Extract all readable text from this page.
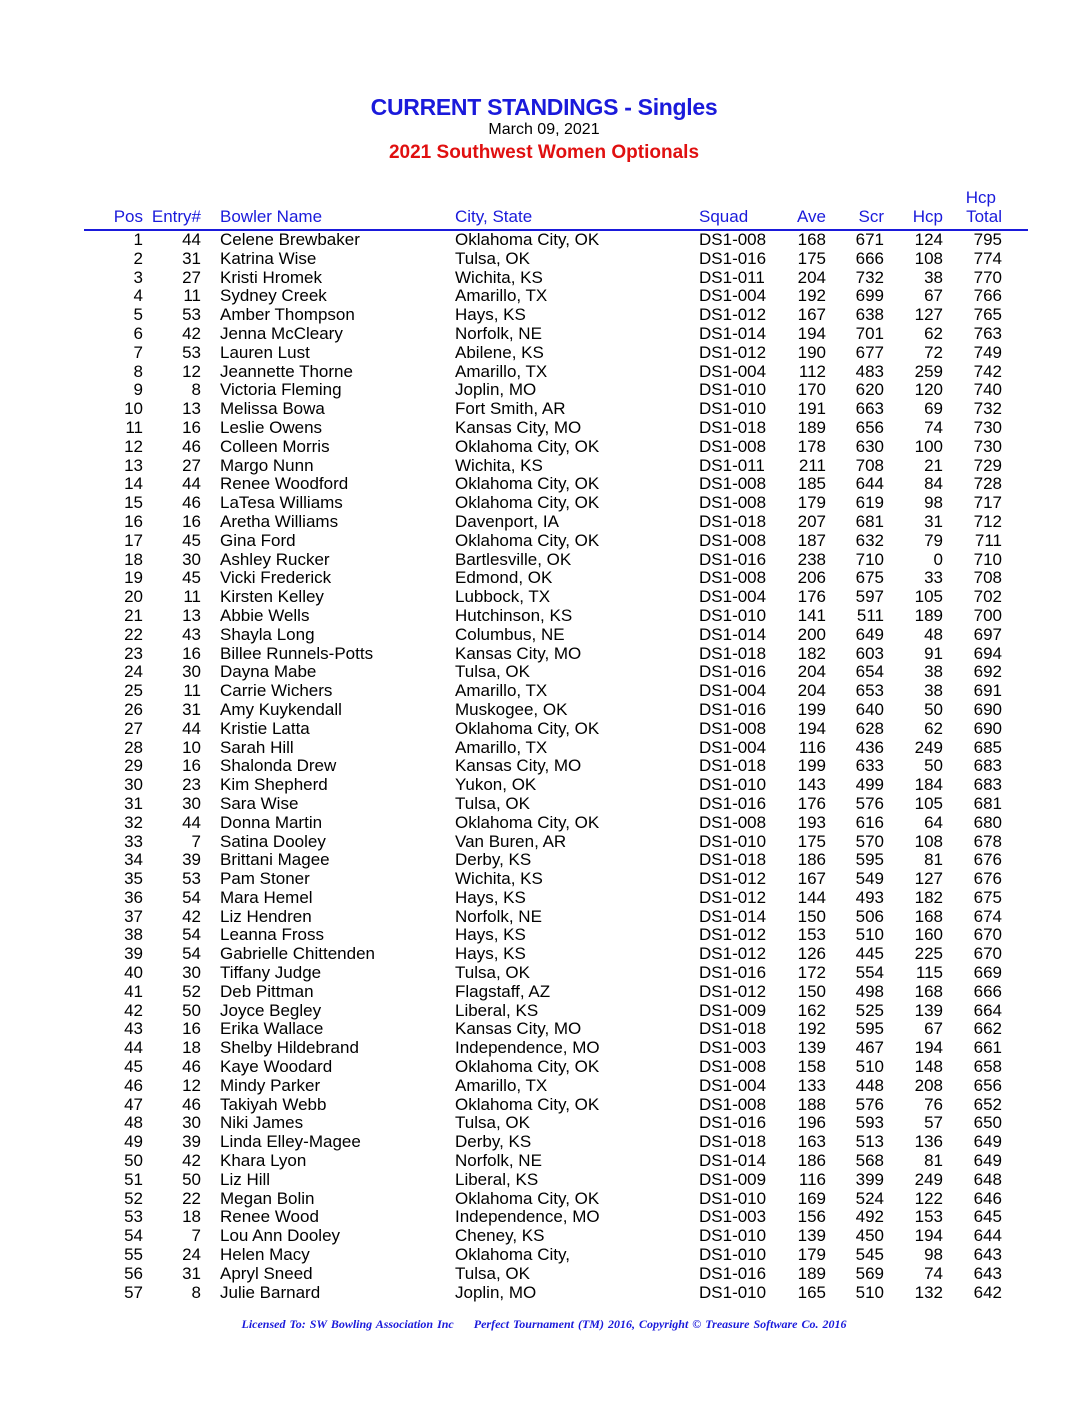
CURRENT STANDINGS - Singles
March 09, 2021
2021 Southwest Women Optionals
Pos Entry# Bowler Name	City, State	Squad	Ave Scr Hcp
Hcp
Total
1 44 Celene Brewbaker	Oklahoma City, OK	DS1-008 168 671 124 795
2 31 Katrina Wise	Tulsa, OK	DS1-016 175 666 108 774
3 27 Kristi Hromek	Wichita, KS	DS1-011 204 732 38 770
4 11 Sydney Creek	Amarillo, TX	DS1-004 192 699 67 766
5 53 Amber Thompson	Hays, KS	DS1-012 167 638 127 765
6 42 Jenna McCleary	Norfolk, NE	DS1-014 194 701 62 763
7 53 Lauren Lust	Abilene, KS	DS1-012 190 677 72 749
8 12 Jeannette Thorne	Amarillo, TX	DS1-004 112 483 259 742
9	8 Victoria Fleming	Joplin, MO	DS1-010 170 620 120 740
10 13 Melissa Bowa	Fort Smith, AR	DS1-010 191 663 69 732
11 16 Leslie Owens	Kansas City, MO	DS1-018 189 656 74 730
12 46 Colleen Morris	Oklahoma City, OK	DS1-008 178 630 100 730
13 27 Margo Nunn	Wichita, KS	DS1-011 211 708 21 729
14 44 Renee Woodford	Oklahoma City, OK	DS1-008 185 644 84 728
15 46 LaTesa Williams	Oklahoma City, OK	DS1-008 179 619 98 717
16 16 Aretha Williams	Davenport, IA	DS1-018 207 681 31 712
17 45 Gina Ford	Oklahoma City, OK	DS1-008 187 632 79 711
18 30 Ashley Rucker	Bartlesville, OK	DS1-016 238 710	0 710
19 45 Vicki Frederick	Edmond, OK	DS1-008 206 675 33 708
20 11 Kirsten Kelley	Lubbock, TX	DS1-004 176 597 105 702
21 13 Abbie Wells	Hutchinson, KS	DS1-010 141 511 189 700
22 43 Shayla Long	Columbus, NE	DS1-014 200 649 48 697
23 16 Billee Runnels-Potts	Kansas City, MO	DS1-018 182 603 91 694
24 30 Dayna Mabe	Tulsa, OK	DS1-016 204 654 38 692
25 11 Carrie Wichers	Amarillo, TX	DS1-004 204 653 38 691
26 31 Amy Kuykendall	Muskogee, OK	DS1-016 199 640 50 690
27 44 Kristie Latta	Oklahoma City, OK	DS1-008 194 628 62 690
28 10 Sarah Hill	Amarillo, TX	DS1-004 116 436 249 685
29 16 Shalonda Drew	Kansas City, MO	DS1-018 199 633 50 683
30 23 Kim Shepherd	Yukon, OK	DS1-010 143 499 184 683
31 30 Sara Wise	Tulsa, OK	DS1-016 176 576 105 681
32 44 Donna Martin	Oklahoma City, OK	DS1-008 193 616 64 680
33	7 Satina Dooley	Van Buren, AR	DS1-010 175 570 108 678
34 39 Brittani Magee	Derby, KS	DS1-018 186 595 81 676
35 53 Pam Stoner	Wichita, KS	DS1-012 167 549 127 676
36 54 Mara Hemel	Hays, KS	DS1-012 144 493 182 675
37 42 Liz Hendren	Norfolk, NE	DS1-014 150 506 168 674
38 54 Leanna Fross	Hays, KS	DS1-012 153 510 160 670
39 54 Gabrielle Chittenden	Hays, KS	DS1-012 126 445 225 670
40 30 Tiffany Judge	Tulsa, OK	DS1-016 172 554 115 669
41 52 Deb Pittman	Flagstaff, AZ	DS1-012 150 498 168 666
42 50 Joyce Begley	Liberal, KS	DS1-009 162 525 139 664
43 16 Erika Wallace	Kansas City, MO	DS1-018 192 595 67 662
44 18 Shelby Hildebrand	Independence, MO	DS1-003 139 467 194 661
45 46 Kaye Woodard	Oklahoma City, OK	DS1-008 158 510 148 658
46 12 Mindy Parker	Amarillo, TX	DS1-004 133 448 208 656
47 46 Takiyah Webb	Oklahoma City, OK	DS1-008 188 576 76 652
48 30 Niki James	Tulsa, OK	DS1-016 196 593 57 650
49 39 Linda Elley-Magee	Derby, KS	DS1-018 163 513 136 649
50 42 Khara Lyon	Norfolk, NE	DS1-014 186 568 81 649
51 50 Liz Hill	Liberal, KS	DS1-009 116 399 249 648
52 22 Megan Bolin	Oklahoma City, OK	DS1-010 169 524 122 646
53 18 Renee Wood	Independence, MO	DS1-003 156 492 153 645
54	7 Lou Ann Dooley	Cheney, KS	DS1-010 139 450 194 644
55 24 Helen Macy	Oklahoma City,	DS1-010 179 545 98 643
56 31 Apryl Sneed	Tulsa, OK	DS1-016 189 569 74 643
57	8 Julie Barnard	Joplin, MO	DS1-010 165 510 132 642
Licensed To: SW Bowling Association Inc Perfect Tournament (TM) 2016, Copyright © Treasure Software Co. 2016
